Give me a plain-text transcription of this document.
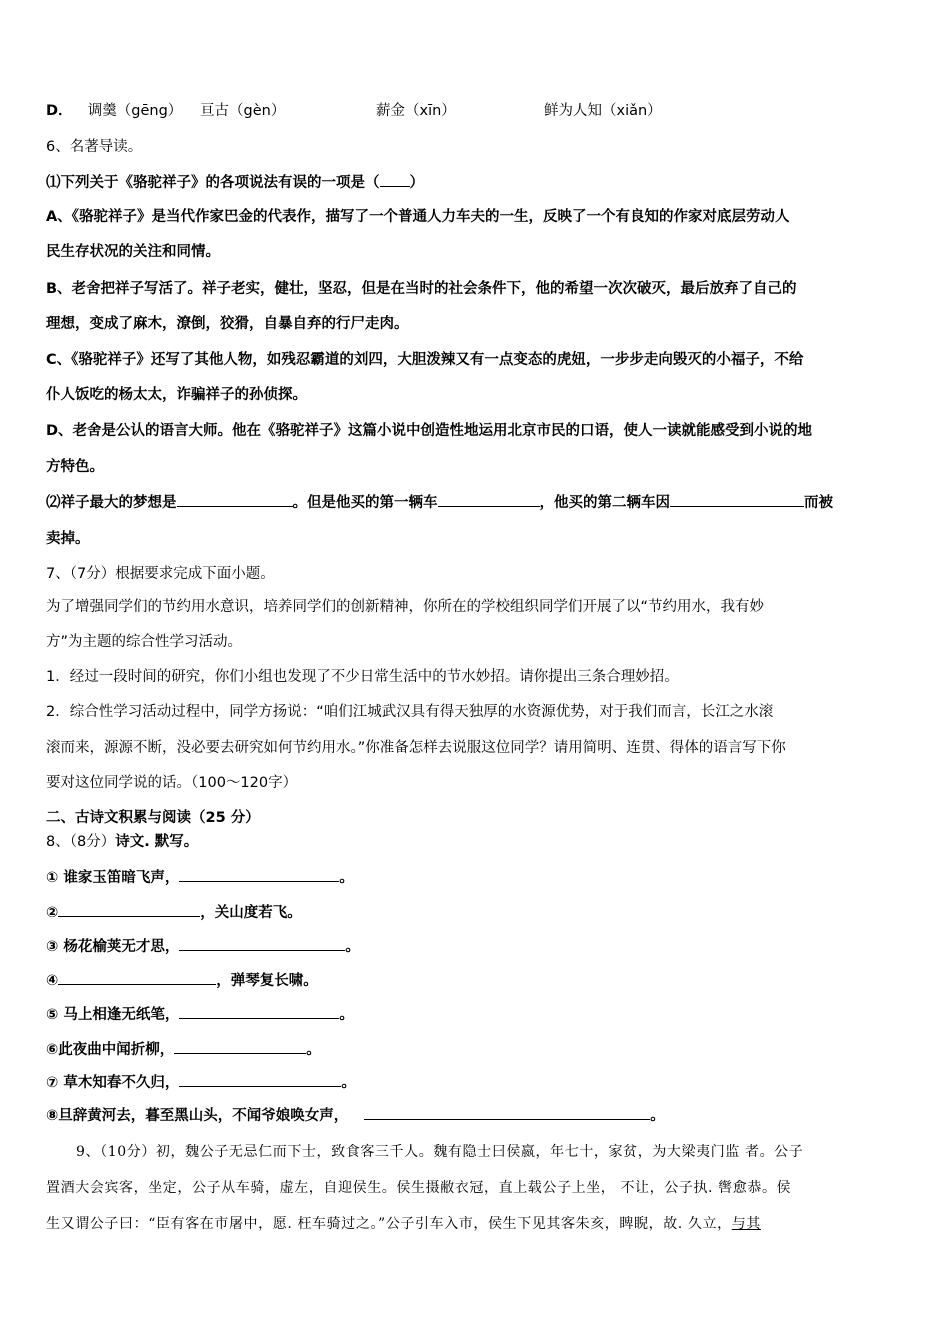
D． 调羹（gēng） 亘古（gèn）	薪金（xīn）	鲜为人知（xiǎn）
6、名著导读。
⑴下列关于《骆驼祥子》的各项说法有误的一项是（ ）
A、《骆驼祥子》是当代作家巴金的代表作，描写了一个普通人力车夫的一生，反映了一个有良知的作家对底层劳动人
民生存状况的关注和同情。
B、老舍把祥子写活了。祥子老实，健壮，坚忍，但是在当时的社会条件下，他的希望一次次破灭，最后放弃了自己的
理想，变成了麻木，潦倒，狡猾，自暴自弃的行尸走肉。
C、《骆驼祥子》还写了其他人物，如残忍霸道的刘四，大胆泼辣又有一点变态的虎妞，一步步走向毁灭的小福子，不给
仆人饭吃的杨太太，诈骗祥子的孙侦探。
D、老舍是公认的语言大师。他在《骆驼祥子》这篇小说中创造性地运用北京市民的口语，使人一读就能感受到小说的地
方特色。
⑵祥子最大的梦想是	。但是他买的第一辆车	，他买的第二辆车因	而被
卖掉。
7、（7分）根据要求完成下面小题。
为了增强同学们的节约用水意识，培养同学们的创新精神，你所在的学校组织同学们开展了以“节约用水，我有妙
方”为主题的综合性学习活动。
1．经过一段时间的研究，你们小组也发现了不少日常生活中的节水妙招。请你提出三条合理妙招。
2．综合性学习活动过程中，同学方扬说：“咱们江城武汉具有得天独厚的水资源优势，对于我们而言，长江之水滚
滚而来，源源不断，没必要去研究如何节约用水。”你准备怎样去说服这位同学？请用简明、连贯、得体的语言写下你
要对这位同学说的话。（100～120字）
二、古诗文积累与阅读（25 分）
8、（8分）诗文. 默写。
① 谁家玉笛暗飞声，	。
②	，关山度若飞。
③ 杨花榆荚无才思，	。
④	，弹琴复长啸。
⑤ 马上相逢无纸笔，	。
⑥此夜曲中闻折柳，	。
⑦ 草木知春不久归，	。
⑧旦辞黄河去，暮至黑山头，不闻爷娘唤女声，	。
9、（10分）初，魏公子无忌仁而下士，致食客三千人。魏有隐士曰侯嬴，年七十，家贫，为大梁夷门监 者。公子
置酒大会宾客，坐定，公子从车骑，虚左，自迎侯生。侯生摄敝衣冠，直上载公子上坐， 不让，公子执. 辔愈恭。侯
生又谓公子曰：“臣有客在市屠中，愿. 枉车骑过之。”公子引车入市，侯生下见其客朱亥，睥睨，故. 久立，与其
